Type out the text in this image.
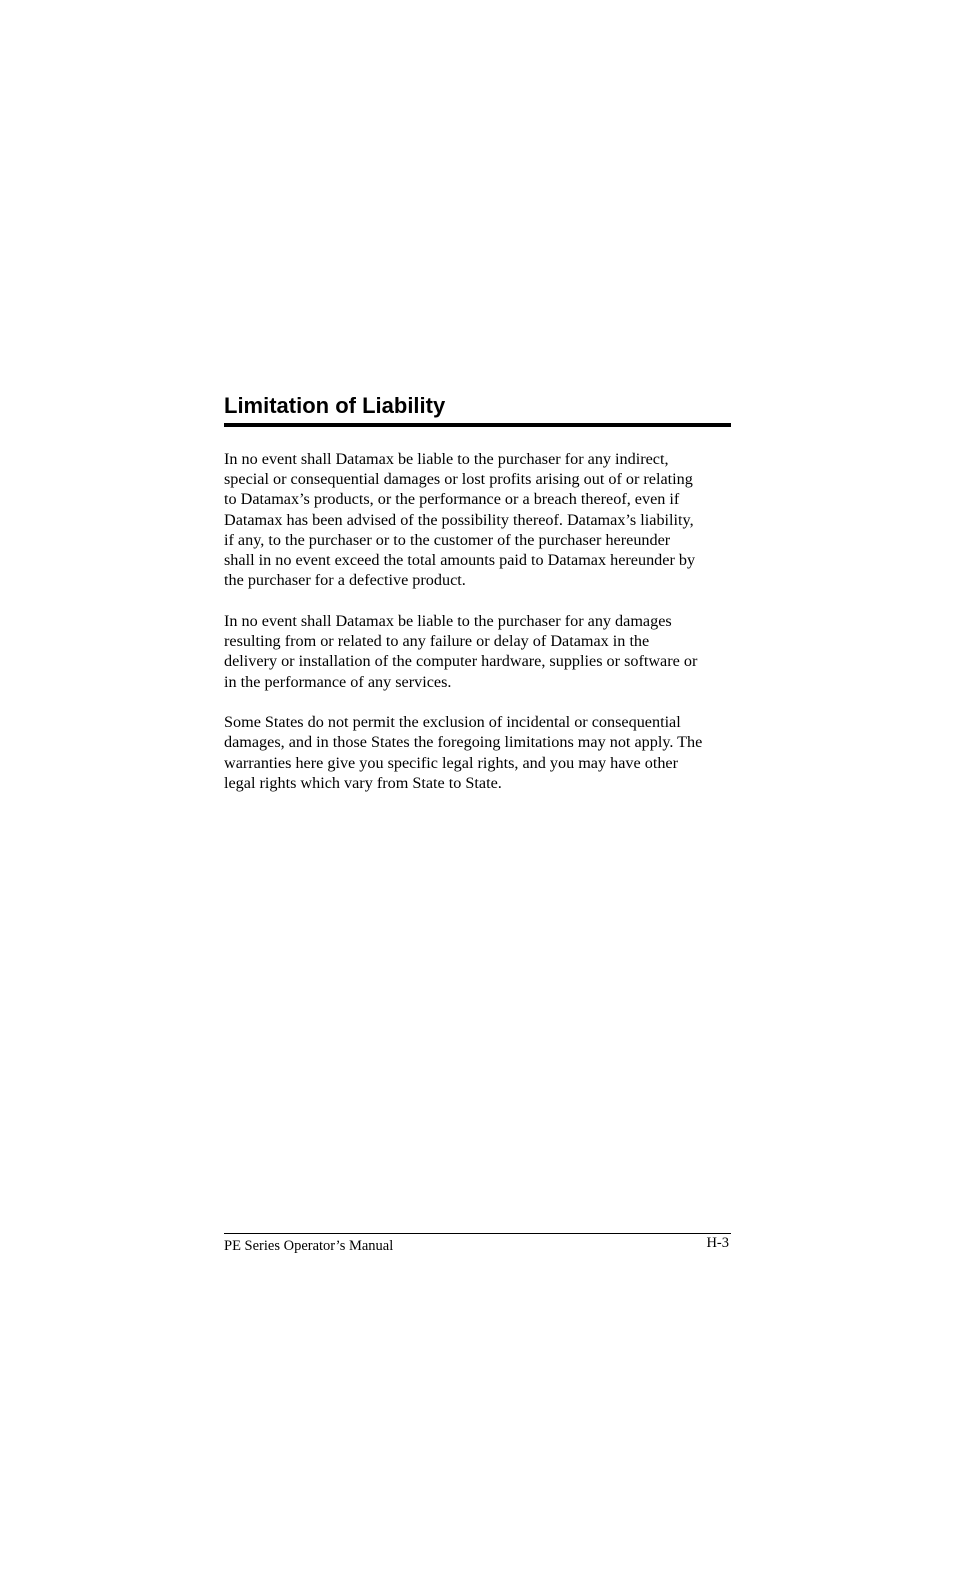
Limitation of Liability

In no event shall Datamax be liable to the purchaser for any indirect,
special or consequential damages or lost profits arising out of or relating
to Datamax’s products, or the performance or a breach thereof, even if
Datamax has been advised of the possibility thereof. Datamax’s liability,
if any, to the purchaser or to the customer of the purchaser hereunder
shall in no event exceed the total amounts paid to Datamax hereunder by
the purchaser for a defective product.

In no event shall Datamax be liable to the purchaser for any damages
resulting from or related to any failure or delay of Datamax in the
delivery or installation of the computer hardware, supplies or software or
in the performance of any services.

Some States do not permit the exclusion of incidental or consequential
damages, and in those States the foregoing limitations may not apply. The
warranties here give you specific legal rights, and you may have other
legal rights which vary from State to State.

PE Series Operator’s Manual	H-3
